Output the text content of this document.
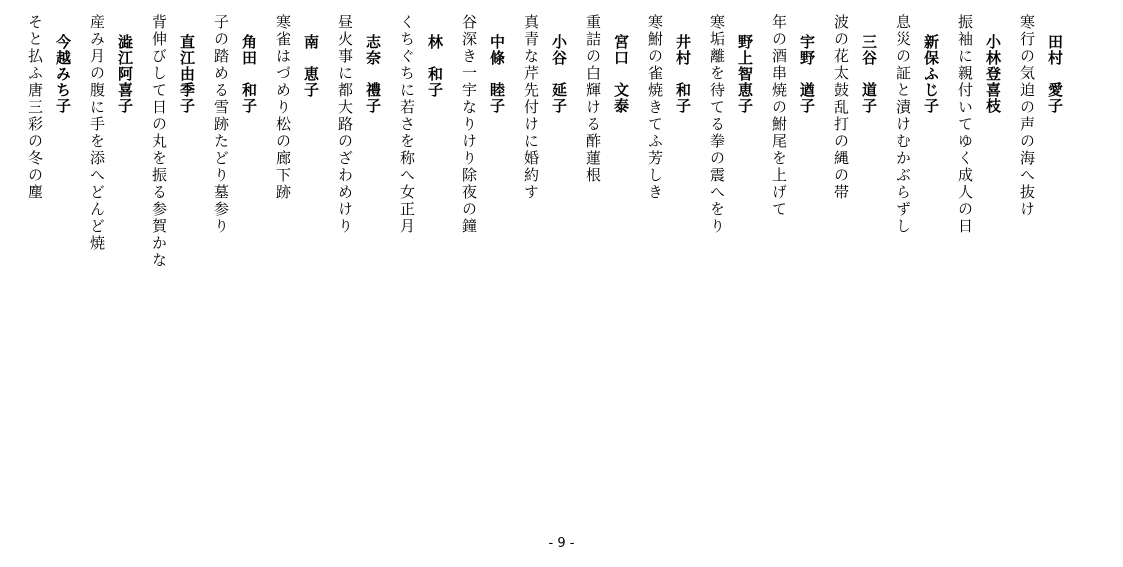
田村　愛子
寒行の気迫の声の海へ抜け
小林登喜枝
振袖に親付いてゆく成人の日
新保ふじ子
息災の証と漬けむかぶらずし
三谷　道子
波の花太鼓乱打の縄の帯
宇野　遒子
年の酒串焼の鮒尾を上げて
野上智恵子
寒垢離を待てる拳の震へをり
井村　和子
寒鮒の雀焼きてふ芳しき
宮口　文泰
重詰の白輝ける酢蓮根
小谷　延子
真青な芹先付けに婚約す
中條　睦子
谷深き一宇なりけり除夜の鐘
林　和子
くちぐちに若さを称へ女正月
志奈　禮子
昼火事に都大路のざわめけり
南　恵子
寒雀はづめり松の廊下跡
角田　和子
子の踏める雪跡たどり墓参り
直江由季子
背伸びして日の丸を振る参賀かな
澁江阿喜子
産み月の腹に手を添へどんど焼
今越みち子
そと払ふ唐三彩の冬の塵
- 9 -
